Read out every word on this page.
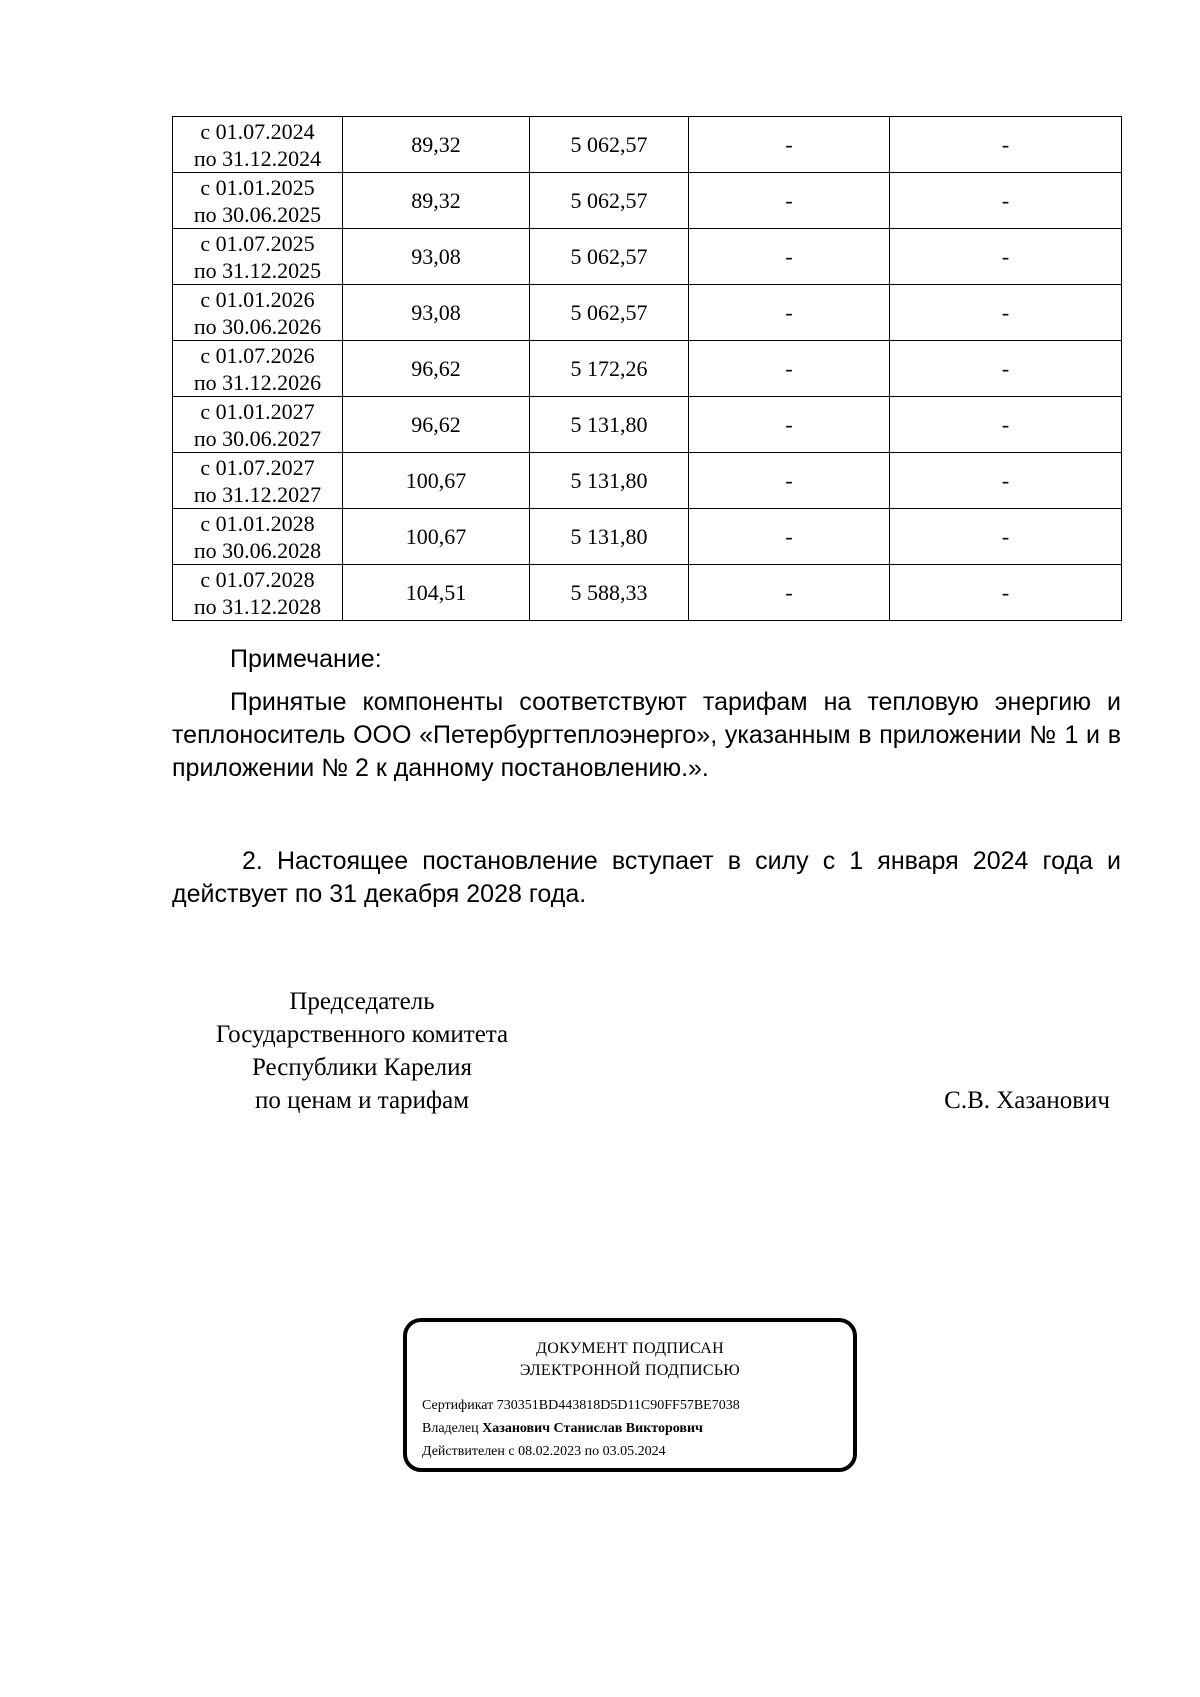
с 01.07.2024
по 31.12.2024	89,32	5 062,57	-	-

с 01.01.2025
по 30.06.2025	89,32	5 062,57	-	-

с 01.07.2025
по 31.12.2025	93,08	5 062,57	-	-

с 01.01.2026
по 30.06.2026	93,08	5 062,57	-	-

с 01.07.2026
по 31.12.2026	96,62	5 172,26	-	-

с 01.01.2027
по 30.06.2027	96,62	5 131,80	-	-

с 01.07.2027
по 31.12.2027	100,67	5 131,80	-	-

с 01.01.2028
по 30.06.2028	100,67	5 131,80	-	-

с 01.07.2028
по 31.12.2028	104,51	5 588,33	-	-
Примечание:

Принятые компоненты соответствуют тарифам на тепловую энергию и теплоноситель ООО «Петербургтеплоэнерго», указанным в приложении № 1 и в приложении № 2 к данному постановлению.».

2. Настоящее постановление вступает в силу с 1 января 2024 года и действует по 31 декабря 2028 года.

Председатель
Государственного комитета
Республики Карелия
по ценам и тарифам	С.В. Хазанович
ДОКУМЕНТ ПОДПИСАН
ЭЛЕКТРОННОЙ ПОДПИСЬЮ
Сертификат 730351BD443818D5D11C90FF57BE7038
Владелец Хазанович Станислав Викторович
Действителен с 08.02.2023 по 03.05.2024
